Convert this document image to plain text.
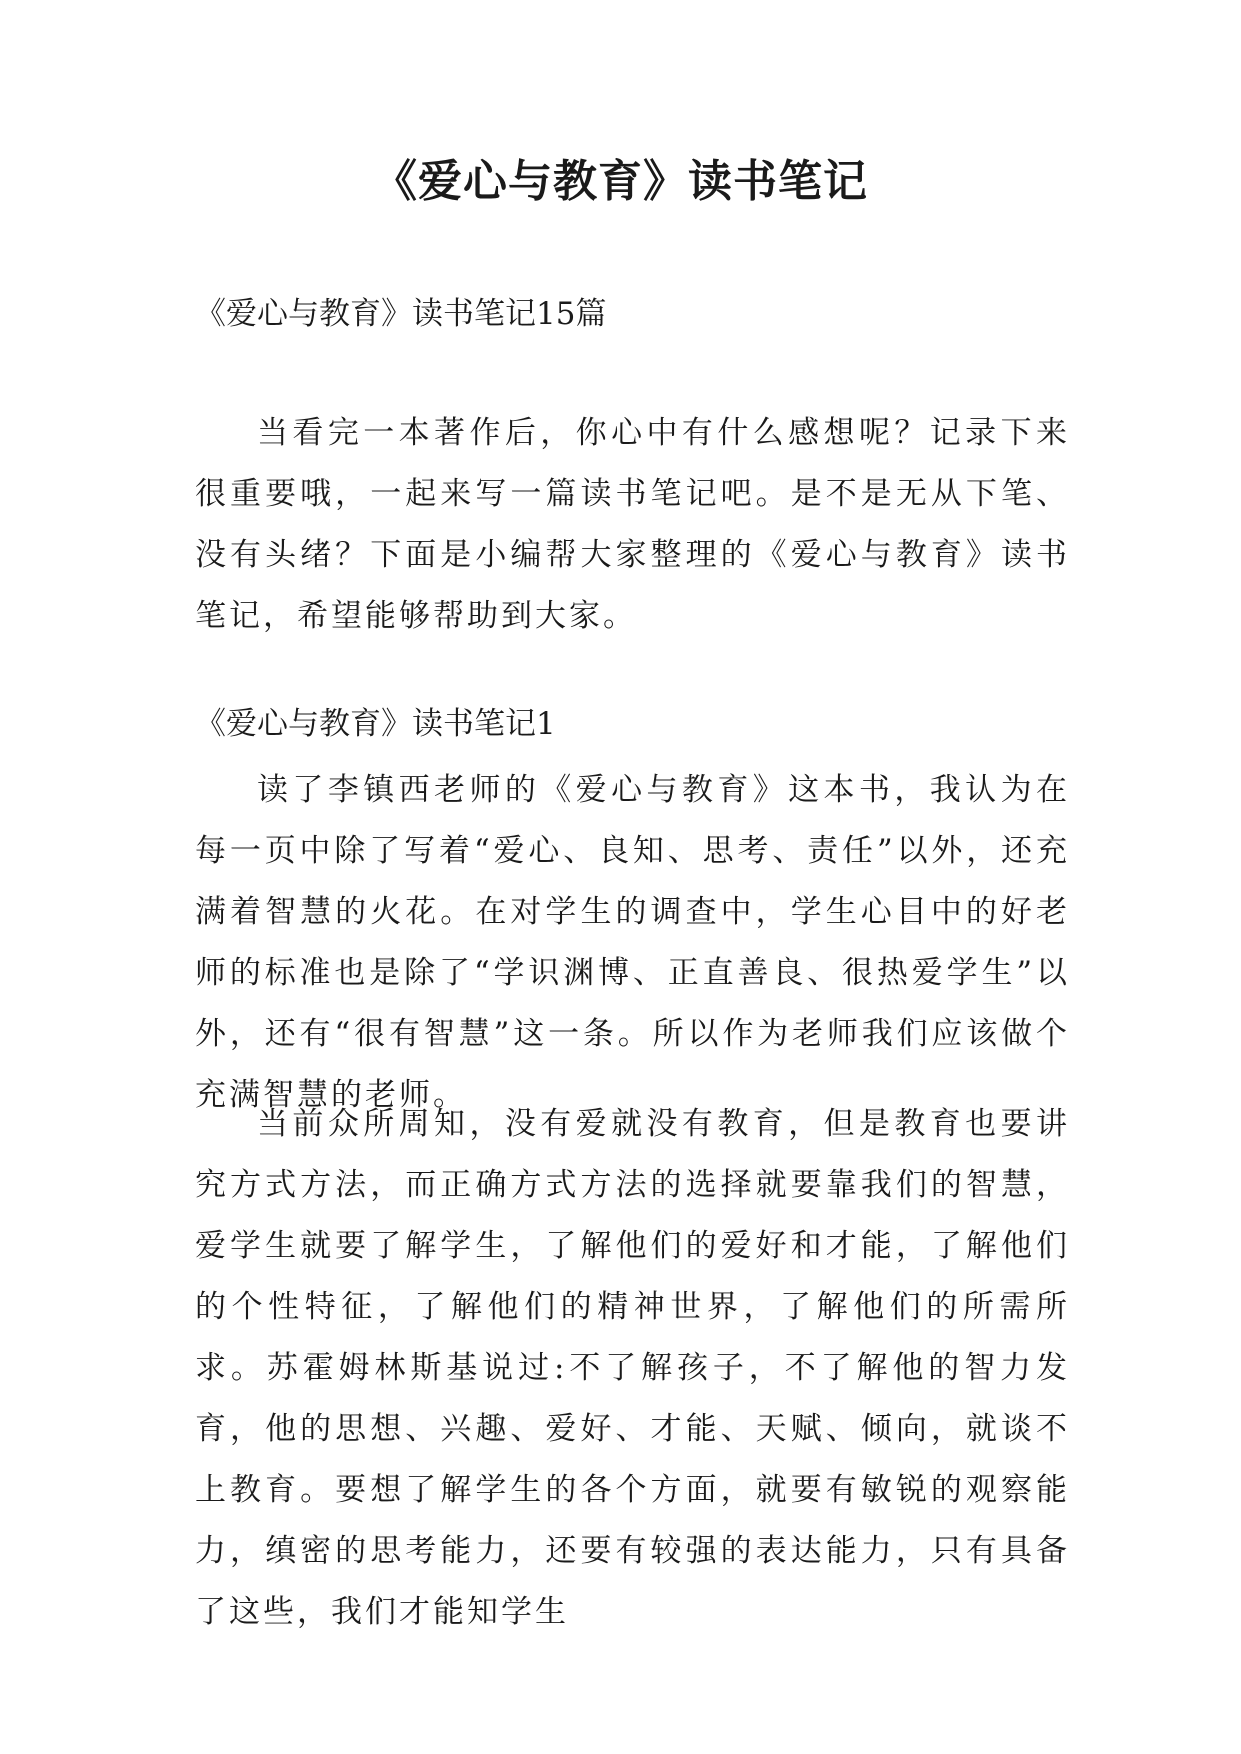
《爱心与教育》读书笔记

《爱心与教育》读书笔记15篇

当看完一本著作后，你心中有什么感想呢？记录下来很重要哦，一起来写一篇读书笔记吧。是不是无从下笔、没有头绪？下面是小编帮大家整理的《爱心与教育》读书笔记，希望能够帮助到大家。

《爱心与教育》读书笔记1

读了李镇西老师的《爱心与教育》这本书，我认为在每一页中除了写着“爱心、良知、思考、责任”以外，还充满着智慧的火花。在对学生的调查中，学生心目中的好老师的标准也是除了“学识渊博、正直善良、很热爱学生”以外，还有“很有智慧”这一条。所以作为老师我们应该做个充满智慧的老师。

当前众所周知，没有爱就没有教育，但是教育也要讲究方式方法，而正确方式方法的选择就要靠我们的智慧，爱学生就要了解学生，了解他们的爱好和才能，了解他们的个性特征，了解他们的精神世界，了解他们的所需所求。苏霍姆林斯基说过:不了解孩子，不了解他的智力发育，他的思想、兴趣、爱好、才能、天赋、倾向，就谈不上教育。要想了解学生的各个方面，就要有敏锐的观察能力，缜密的思考能力，还要有较强的表达能力，只有具备了这些，我们才能知学生
